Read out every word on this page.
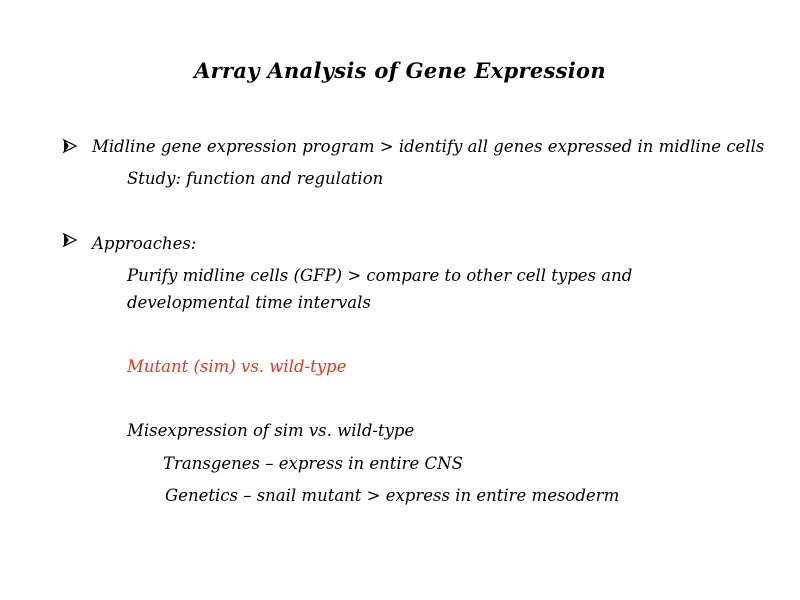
Array Analysis of Gene Expression
Midline gene expression program > identify all genes expressed in midline cells
Study: function and regulation
Approaches:
Purify midline cells (GFP) > compare to other cell types and developmental time intervals
Mutant (sim) vs. wild-type
Misexpression of sim vs. wild-type
Transgenes – express in entire CNS
Genetics – snail mutant > express in entire mesoderm
